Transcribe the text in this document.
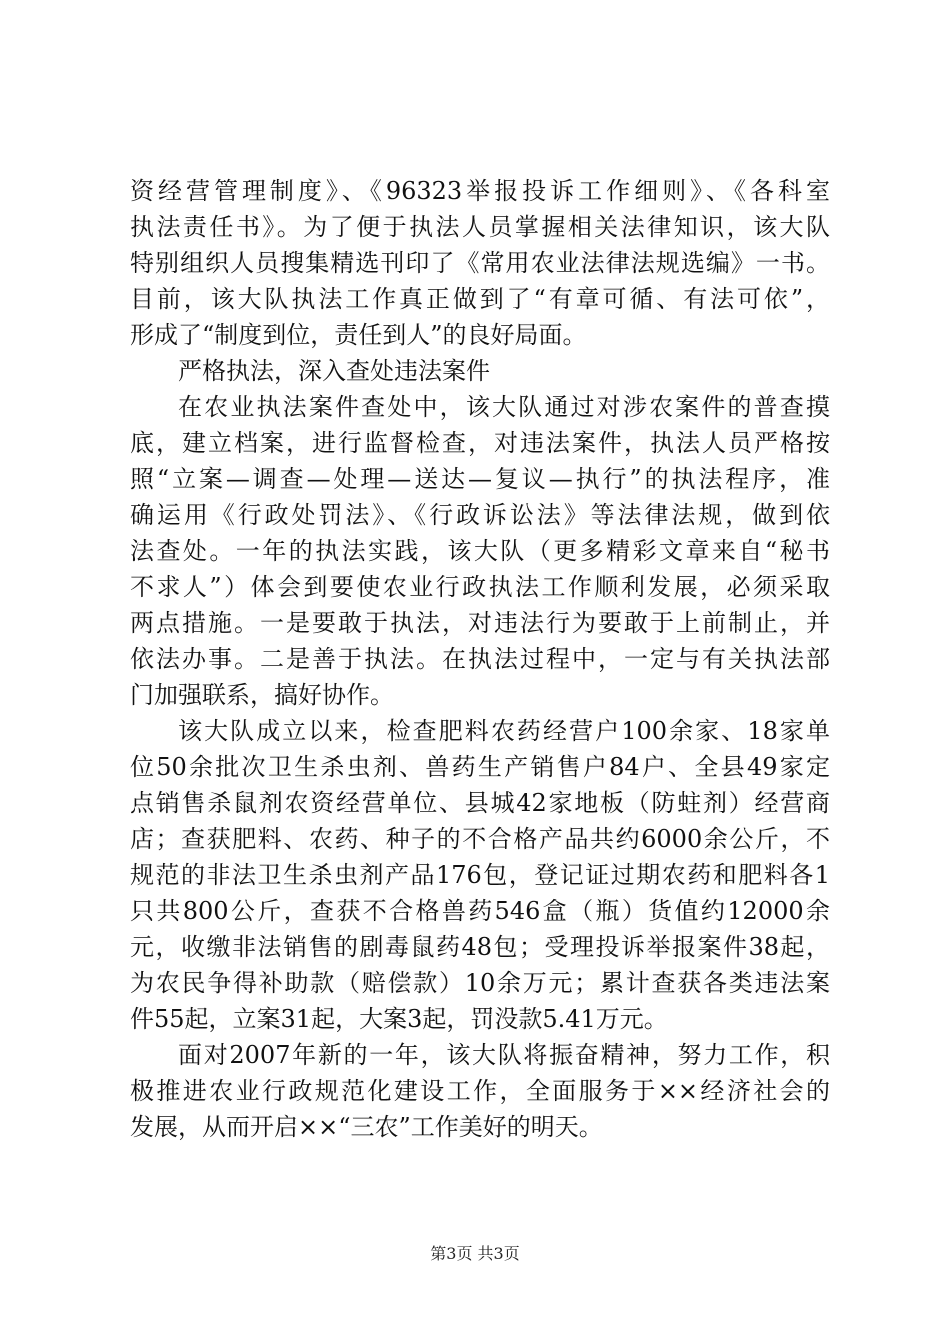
资经营管理制度》、《96323举报投诉工作细则》、《各科室
执法责任书》。为了便于执法人员掌握相关法律知识，该大队
特别组织人员搜集精选刊印了《常用农业法律法规选编》一书。
目前，该大队执法工作真正做到了“有章可循、有法可依”，
形成了“制度到位，责任到人”的良好局面。
严格执法，深入查处违法案件
在农业执法案件查处中，该大队通过对涉农案件的普查摸
底，建立档案，进行监督检查，对违法案件，执法人员严格按
照“立案—调查—处理—送达—复议—执行”的执法程序，准
确运用《行政处罚法》、《行政诉讼法》等法律法规，做到依
法查处。一年的执法实践，该大队（更多精彩文章来自“秘书
不求人”）体会到要使农业行政执法工作顺利发展，必须采取
两点措施。一是要敢于执法，对违法行为要敢于上前制止，并
依法办事。二是善于执法。在执法过程中，一定与有关执法部
门加强联系，搞好协作。
该大队成立以来，检查肥料农药经营户100余家、18家单
位50余批次卫生杀虫剂、兽药生产销售户84户、全县49家定
点销售杀鼠剂农资经营单位、县城42家地板（防蛀剂）经营商
店；查获肥料、农药、种子的不合格产品共约6000余公斤，不
规范的非法卫生杀虫剂产品176包，登记证过期农药和肥料各1
只共800公斤，查获不合格兽药546盒（瓶）货值约12000余
元，收缴非法销售的剧毒鼠药48包；受理投诉举报案件38起，
为农民争得补助款（赔偿款）10余万元；累计查获各类违法案
件55起，立案31起，大案3起，罚没款5.41万元。
面对2007年新的一年，该大队将振奋精神，努力工作，积
极推进农业行政规范化建设工作，全面服务于××经济社会的
发展，从而开启××“三农”工作美好的明天。
第3页 共3页
